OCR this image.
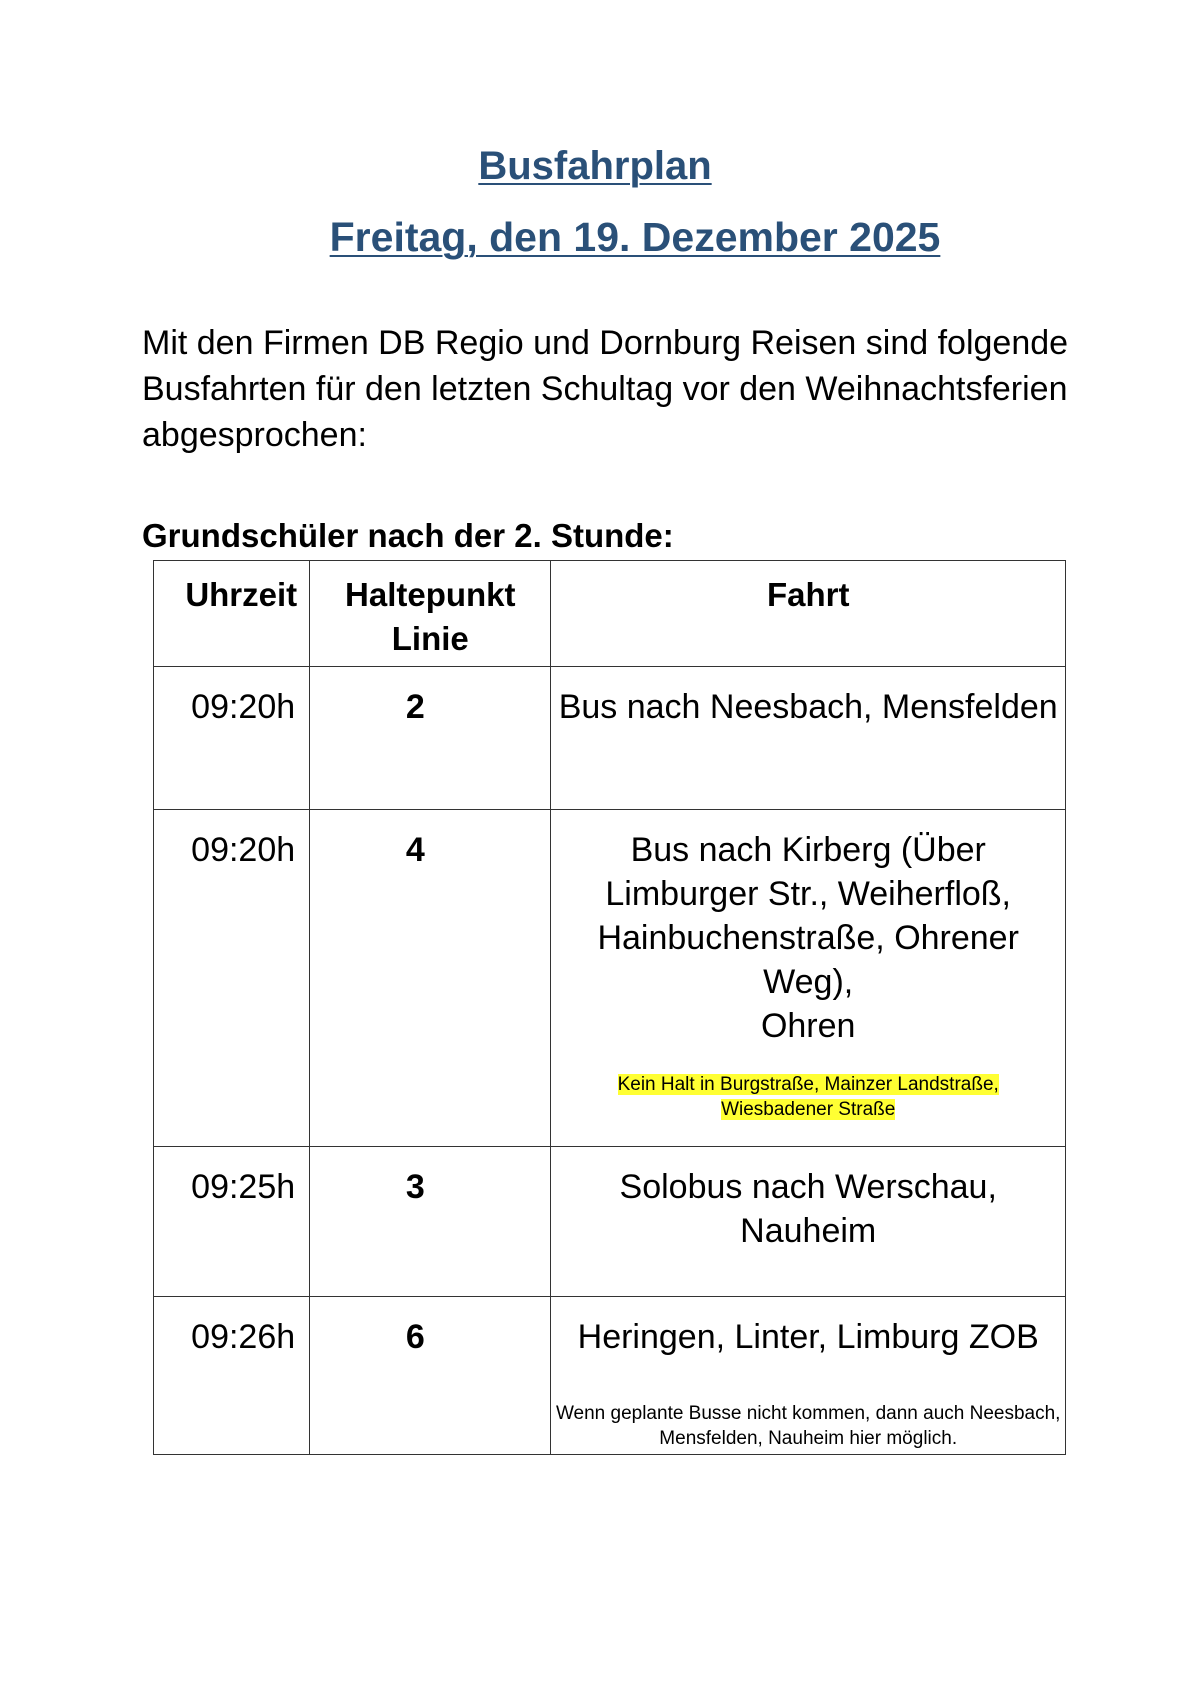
Busfahrplan
Freitag, den 19. Dezember 2025
Mit den Firmen DB Regio und Dornburg Reisen sind folgende Busfahrten für den letzten Schultag vor den Weihnachtsferien abgesprochen:
Grundschüler nach der 2. Stunde:
Uhrzeit	Haltepunkt Linie	Fahrt
09:20h	2	Bus nach Neesbach, Mensfelden
09:20h	4	Bus nach Kirberg (Über Limburger Str., Weiherfloß, Hainbuchenstraße, Ohrener Weg),
Ohren
Kein Halt in Burgstraße, Mainzer Landstraße,
Wiesbadener Straße

09:25h	3	Solobus nach Werschau, Nauheim
09:26h	6	Heringen, Linter, Limburg ZOB
Wenn geplante Busse nicht kommen, dann auch Neesbach, Mensfelden, Nauheim hier möglich.
